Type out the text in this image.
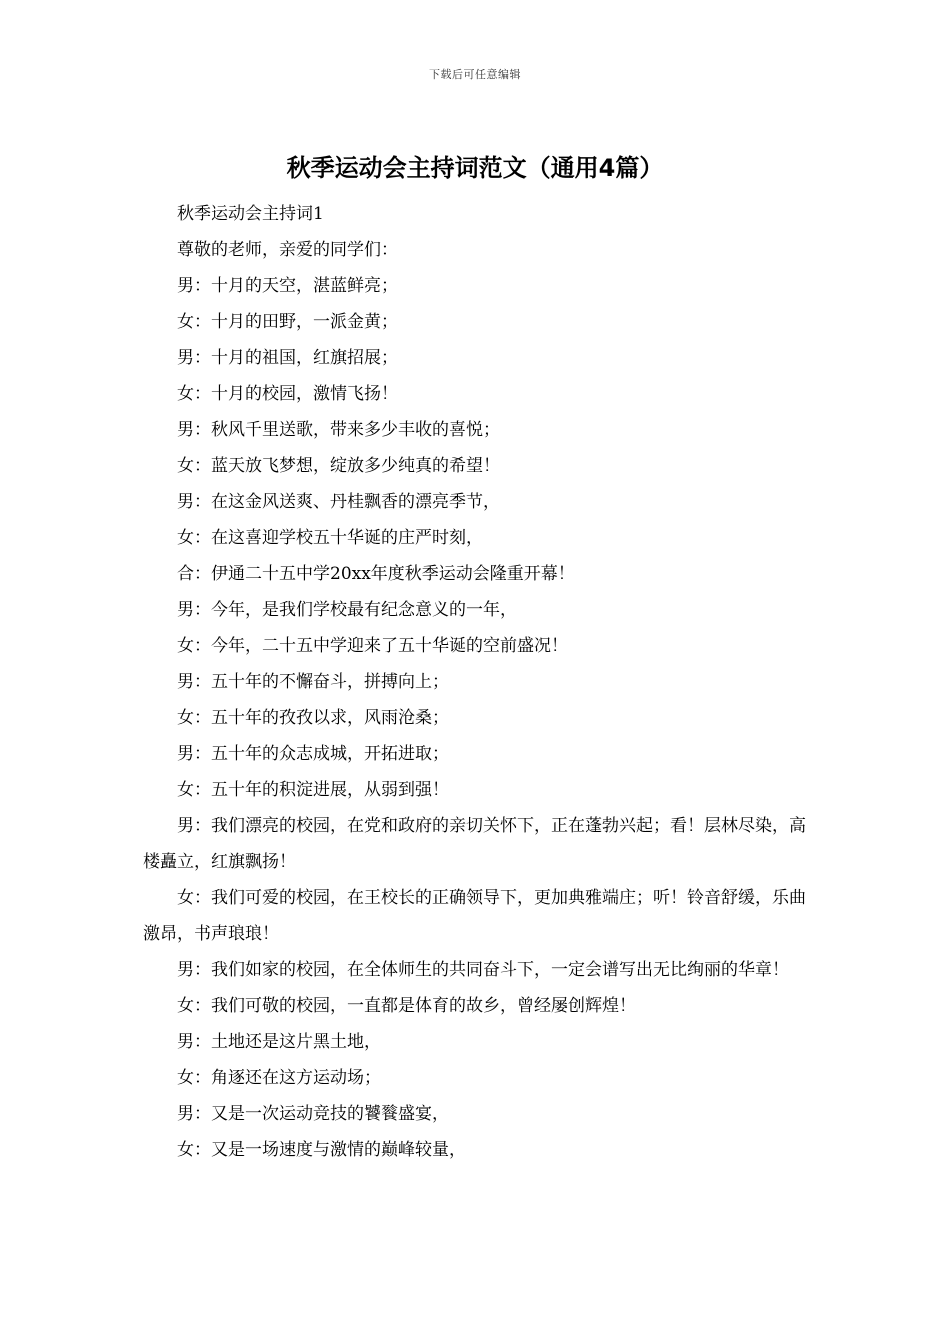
下载后可任意编辑
秋季运动会主持词范文（通用4篇）

秋季运动会主持词1

尊敬的老师，亲爱的同学们：

男：十月的天空，湛蓝鲜亮；

女：十月的田野，一派金黄；

男：十月的祖国，红旗招展；

女：十月的校园，激情飞扬！

男：秋风千里送歌，带来多少丰收的喜悦；

女：蓝天放飞梦想，绽放多少纯真的希望！

男：在这金风送爽、丹桂飘香的漂亮季节，

女：在这喜迎学校五十华诞的庄严时刻，

合：伊通二十五中学20xx年度秋季运动会隆重开幕！

男：今年，是我们学校最有纪念意义的一年，

女：今年，二十五中学迎来了五十华诞的空前盛况！

男：五十年的不懈奋斗，拼搏向上；

女：五十年的孜孜以求，风雨沧桑；

男：五十年的众志成城，开拓进取；

女：五十年的积淀进展，从弱到强！

男：我们漂亮的校园，在党和政府的亲切关怀下，正在蓬勃兴起；看！层林尽染，高楼矗立，红旗飘扬！

女：我们可爱的校园，在王校长的正确领导下，更加典雅端庄；听！铃音舒缓，乐曲激昂，书声琅琅！

男：我们如家的校园，在全体师生的共同奋斗下，一定会谱写出无比绚丽的华章！

女：我们可敬的校园，一直都是体育的故乡，曾经屡创辉煌！

男：土地还是这片黑土地，

女：角逐还在这方运动场；

男：又是一次运动竞技的饕餮盛宴，

女：又是一场速度与激情的巅峰较量，
